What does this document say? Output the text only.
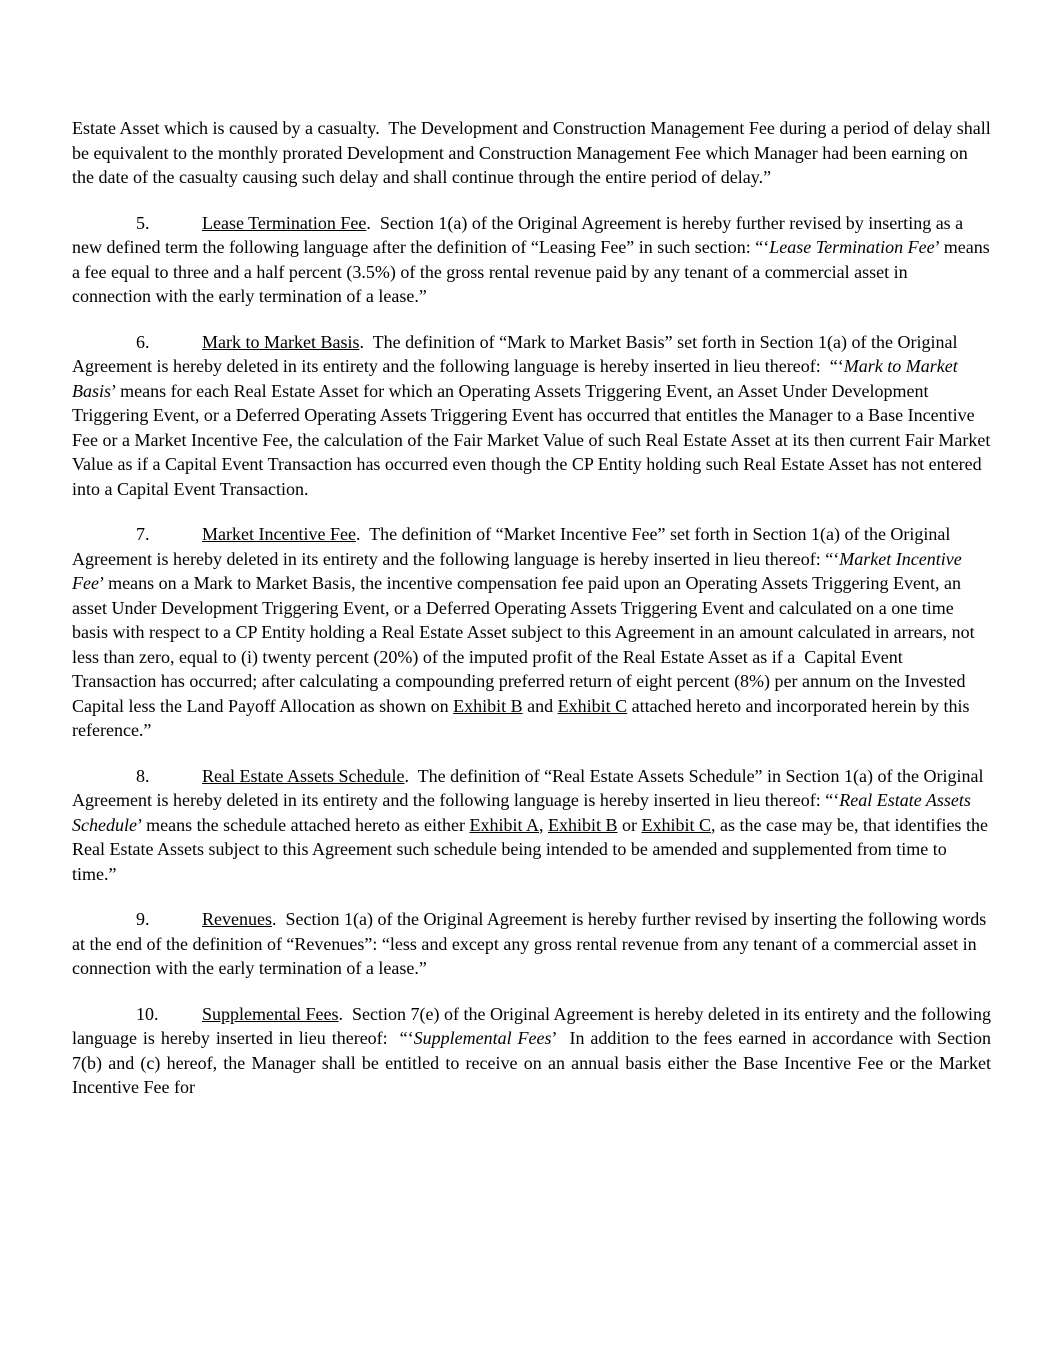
Estate Asset which is caused by a casualty.  The Development and Construction Management Fee during a period of delay shall be equivalent to the monthly prorated Development and Construction Management Fee which Manager had been earning on the date of the casualty causing such delay and shall continue through the entire period of delay.”

5.	Lease Termination Fee.  Section 1(a) of the Original Agreement is hereby further revised by inserting as a new defined term the following language after the definition of “Leasing Fee” in such section: “‘Lease Termination Fee’ means a fee equal to three and a half percent (3.5%) of the gross rental revenue paid by any tenant of a commercial asset in connection with the early termination of a lease.”

6.	Mark to Market Basis.  The definition of “Mark to Market Basis” set forth in Section 1(a) of the Original Agreement is hereby deleted in its entirety and the following language is hereby inserted in lieu thereof:  “‘Mark to Market Basis’ means for each Real Estate Asset for which an Operating Assets Triggering Event, an Asset Under Development Triggering Event, or a Deferred Operating Assets Triggering Event has occurred that entitles the Manager to a Base Incentive Fee or a Market Incentive Fee, the calculation of the Fair Market Value of such Real Estate Asset at its then current Fair Market Value as if a Capital Event Transaction has occurred even though the CP Entity holding such Real Estate Asset has not entered into a Capital Event Transaction.

7.	Market Incentive Fee.  The definition of “Market Incentive Fee” set forth in Section 1(a) of the Original Agreement is hereby deleted in its entirety and the following language is hereby inserted in lieu thereof: “‘Market Incentive Fee’ means on a Mark to Market Basis, the incentive compensation fee paid upon an Operating Assets Triggering Event, an asset Under Development Triggering Event, or a Deferred Operating Assets Triggering Event and calculated on a one time basis with respect to a CP Entity holding a Real Estate Asset subject to this Agreement in an amount calculated in arrears, not less than zero, equal to (i) twenty percent (20%) of the imputed profit of the Real Estate Asset as if a  Capital Event Transaction has occurred; after calculating a compounding preferred return of eight percent (8%) per annum on the Invested Capital less the Land Payoff Allocation as shown on Exhibit B and Exhibit C attached hereto and incorporated herein by this reference.”

8.	Real Estate Assets Schedule.  The definition of “Real Estate Assets Schedule” in Section 1(a) of the Original Agreement is hereby deleted in its entirety and the following language is hereby inserted in lieu thereof: “‘Real Estate Assets Schedule’ means the schedule attached hereto as either Exhibit A, Exhibit B or Exhibit C, as the case may be, that identifies the Real Estate Assets subject to this Agreement such schedule being intended to be amended and supplemented from time to time.”

9.	Revenues.  Section 1(a) of the Original Agreement is hereby further revised by inserting the following words at the end of the definition of “Revenues”: “less and except any gross rental revenue from any tenant of a commercial asset in connection with the early termination of a lease.”

10. Supplemental Fees.  Section 7(e) of the Original Agreement is hereby deleted in its entirety and the following language is hereby inserted in lieu thereof:  “‘Supplemental Fees’  In addition to the fees earned in accordance with Section 7(b) and (c) hereof, the Manager shall be entitled to receive on an annual basis either the Base Incentive Fee or the Market Incentive Fee for
